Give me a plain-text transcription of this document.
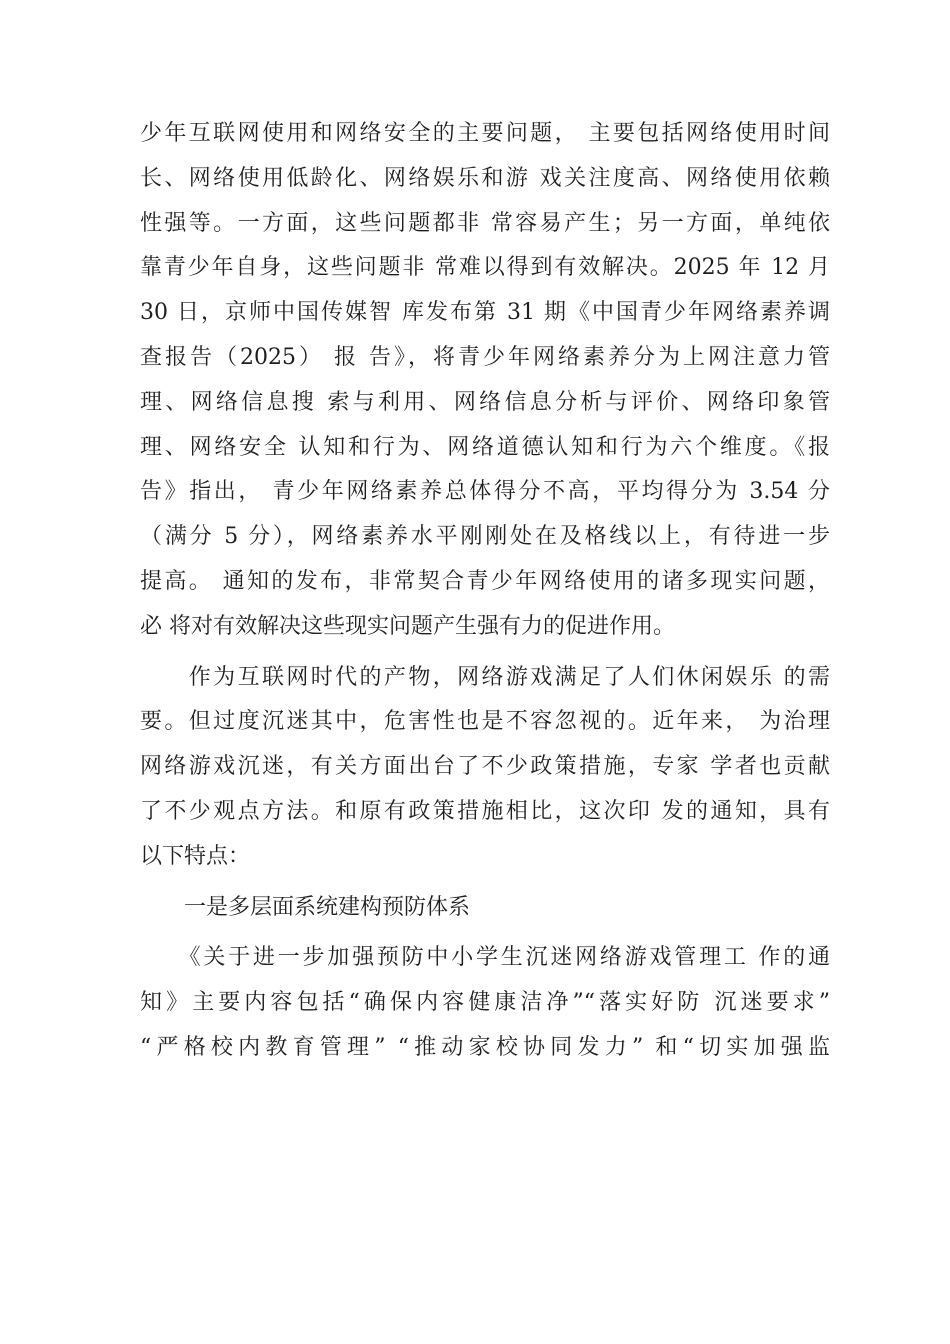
少年互联网使用和网络安全的主要问题， 主要包括网络使用时间
长、网络使用低龄化、网络娱乐和游 戏关注度高、网络使用依赖
性强等。一方面，这些问题都非 常容易产生；另一方面，单纯依
靠青少年自身，这些问题非 常难以得到有效解决。2025 年 12 月
30 日，京师中国传媒智 库发布第 31 期《中国青少年网络素养调
查报告（2025） 报 告》，将青少年网络素养分为上网注意力管
理、网络信息搜 索与利用、网络信息分析与评价、网络印象管
理、网络安全 认知和行为、网络道德认知和行为六个维度。《报
告》指出， 青少年网络素养总体得分不高，平均得分为 3.54 分
（满分 5 分），网络素养水平刚刚处在及格线以上，有待进一步
提高。 通知的发布，非常契合青少年网络使用的诸多现实问题，
必 将对有效解决这些现实问题产生强有力的促进作用。
　　作为互联网时代的产物，网络游戏满足了人们休闲娱乐 的需
要。但过度沉迷其中，危害性也是不容忽视的。近年来， 为治理
网络游戏沉迷，有关方面出台了不少政策措施，专家 学者也贡献
了不少观点方法。和原有政策措施相比，这次印 发的通知，具有
以下特点：
　　一是多层面系统建构预防体系
　　《关于进一步加强预防中小学生沉迷网络游戏管理工 作的通
知》主要内容包括“确保内容健康洁净”“落实好防 沉迷要求”
“严格校内教育管理” “推动家校协同发力” 和“切实加强监
